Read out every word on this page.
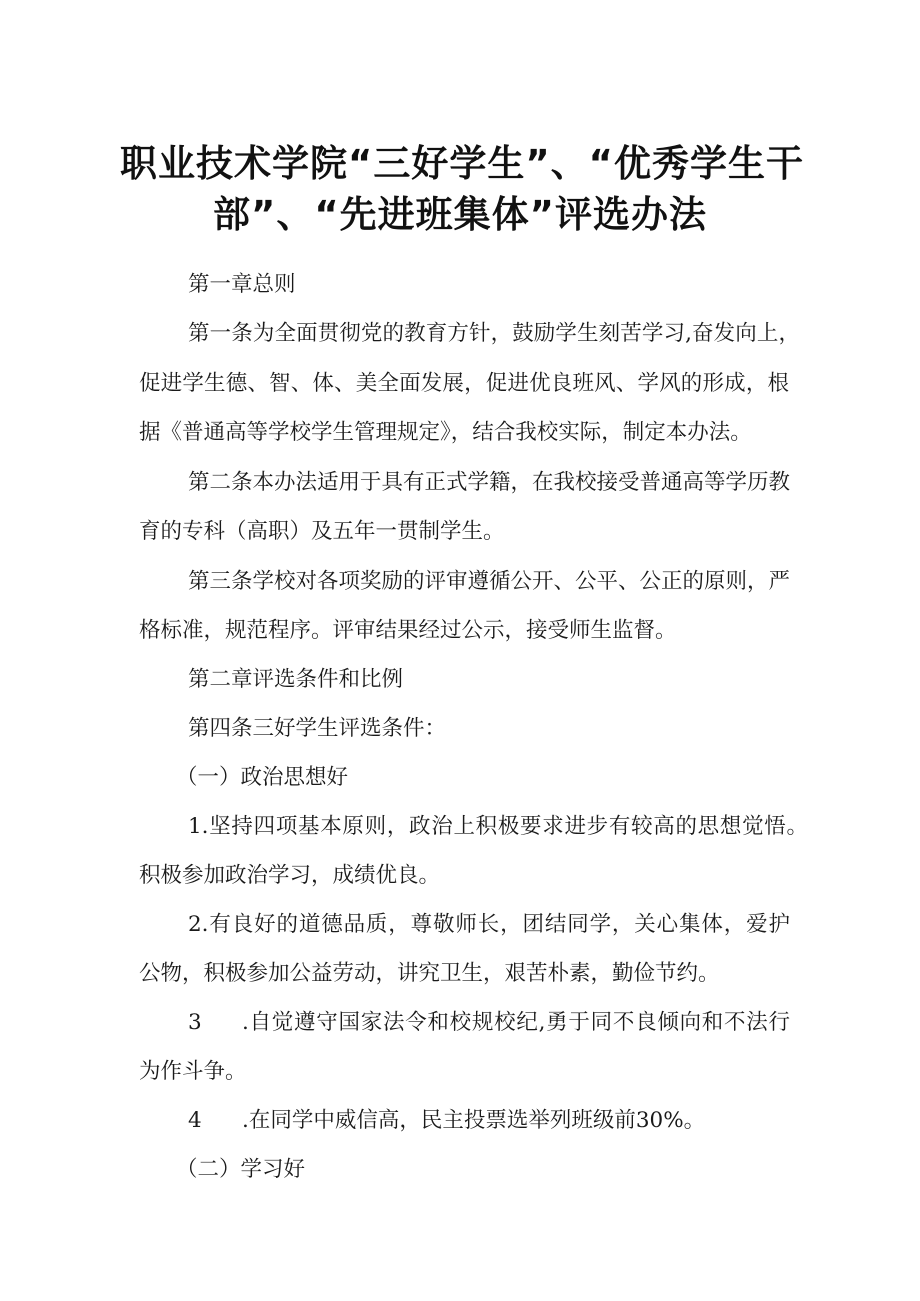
职业技术学院“三好学生”、“优秀学生干
部”、“先进班集体”评选办法
第一章总则
第一条为全面贯彻党的教育方针，鼓励学生刻苦学习,奋发向上，
促进学生德、智、体、美全面发展，促进优良班风、学风的形成，根
据《普通高等学校学生管理规定》，结合我校实际，制定本办法。
第二条本办法适用于具有正式学籍，在我校接受普通高等学历教
育的专科（高职）及五年一贯制学生。
第三条学校对各项奖励的评审遵循公开、公平、公正的原则，严
格标准，规范程序。评审结果经过公示，接受师生监督。
第二章评选条件和比例
第四条三好学生评选条件：
（一）政治思想好
1.坚持四项基本原则，政治上积极要求进步有较高的思想觉悟。
积极参加政治学习，成绩优良。
2.有良好的道德品质，尊敬师长，团结同学，关心集体，爱护
公物，积极参加公益劳动，讲究卫生，艰苦朴素，勤俭节约。
3 .自觉遵守国家法令和校规校纪,勇于同不良倾向和不法行
为作斗争。
4 .在同学中威信高，民主投票选举列班级前30%。
（二）学习好
